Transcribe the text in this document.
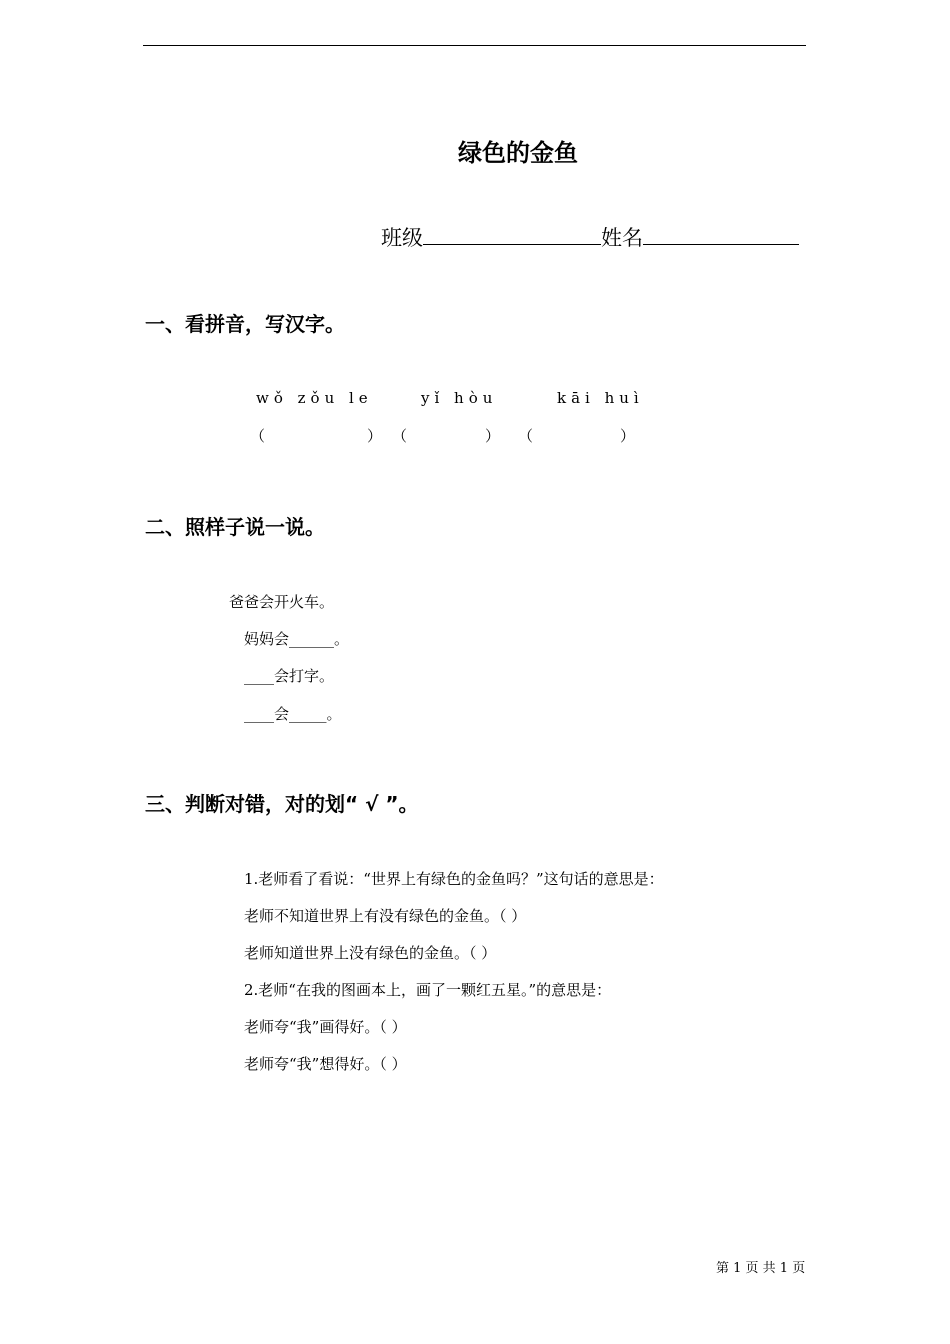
绿色的金鱼
班级	姓名
一、看拼音，写汉字。
wǒ zǒu le	yǐ hòu	kāi huì
（	） （	） （	）
二、照样子说一说。
爸爸会开火车。
妈妈会______。
____会打字。
____会_____。
三、判断对错，对的划“ √ ”。
1.老师看了看说：“世界上有绿色的金鱼吗？”这句话的意思是：
老师不知道世界上有没有绿色的金鱼。（ ）
老师知道世界上没有绿色的金鱼。（ ）
2.老师“在我的图画本上，画了一颗红五星。”的意思是：
老师夸“我”画得好。（ ）
老师夸“我”想得好。（ ）
第 1 页 共 1 页
